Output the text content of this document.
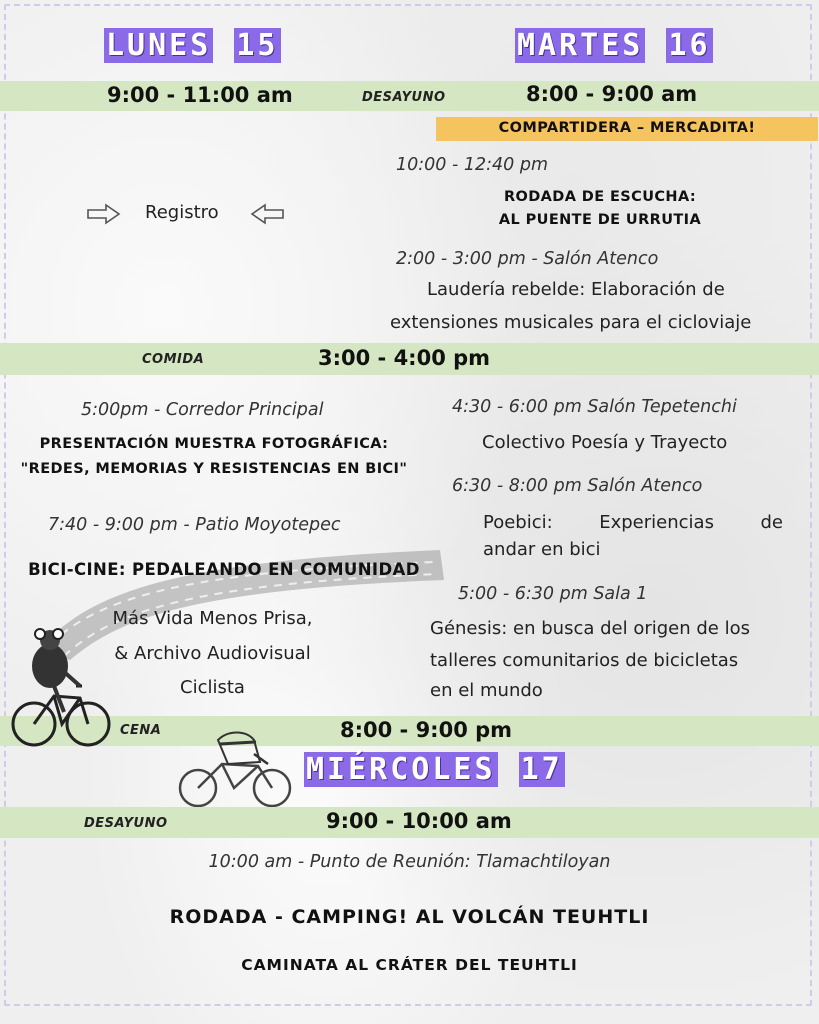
LUNES 15	MARTES 16
9:00 - 11:00 am	DESAYUNO	8:00 - 9:00 am
COMPARTIDERA – MERCADITA!
Registro
10:00 - 12:40 pm
RODADA DE ESCUCHA:
AL PUENTE DE URRUTIA
2:00 - 3:00 pm - Salón Atenco
Laudería rebelde: Elaboración de
extensiones musicales para el cicloviaje
COMIDA	3:00 - 4:00 pm
5:00pm - Corredor Principal
PRESENTACIÓN MUESTRA FOTOGRÁFICA:
"REDES, MEMORIAS Y RESISTENCIAS EN BICI"
7:40 - 9:00 pm - Patio Moyotepec
BICI-CINE: PEDALEANDO EN COMUNIDAD
Más Vida Menos Prisa,
& Archivo Audiovisual
Ciclista
4:30 - 6:00 pm Salón Tepetenchi
Colectivo Poesía y Trayecto
6:30 - 8:00 pm Salón Atenco
Poebici: Experiencias de
andar en bici
5:00 - 6:30 pm Sala 1
Génesis: en busca del origen de los
talleres comunitarios de bicicletas
en el mundo
CENA	8:00 - 9:00 pm
MIÉRCOLES 17
DESAYUNO	9:00 - 10:00 am
10:00 am - Punto de Reunión: Tlamachtiloyan
RODADA - CAMPING! AL VOLCÁN TEUHTLI
CAMINATA AL CRÁTER DEL TEUHTLI
